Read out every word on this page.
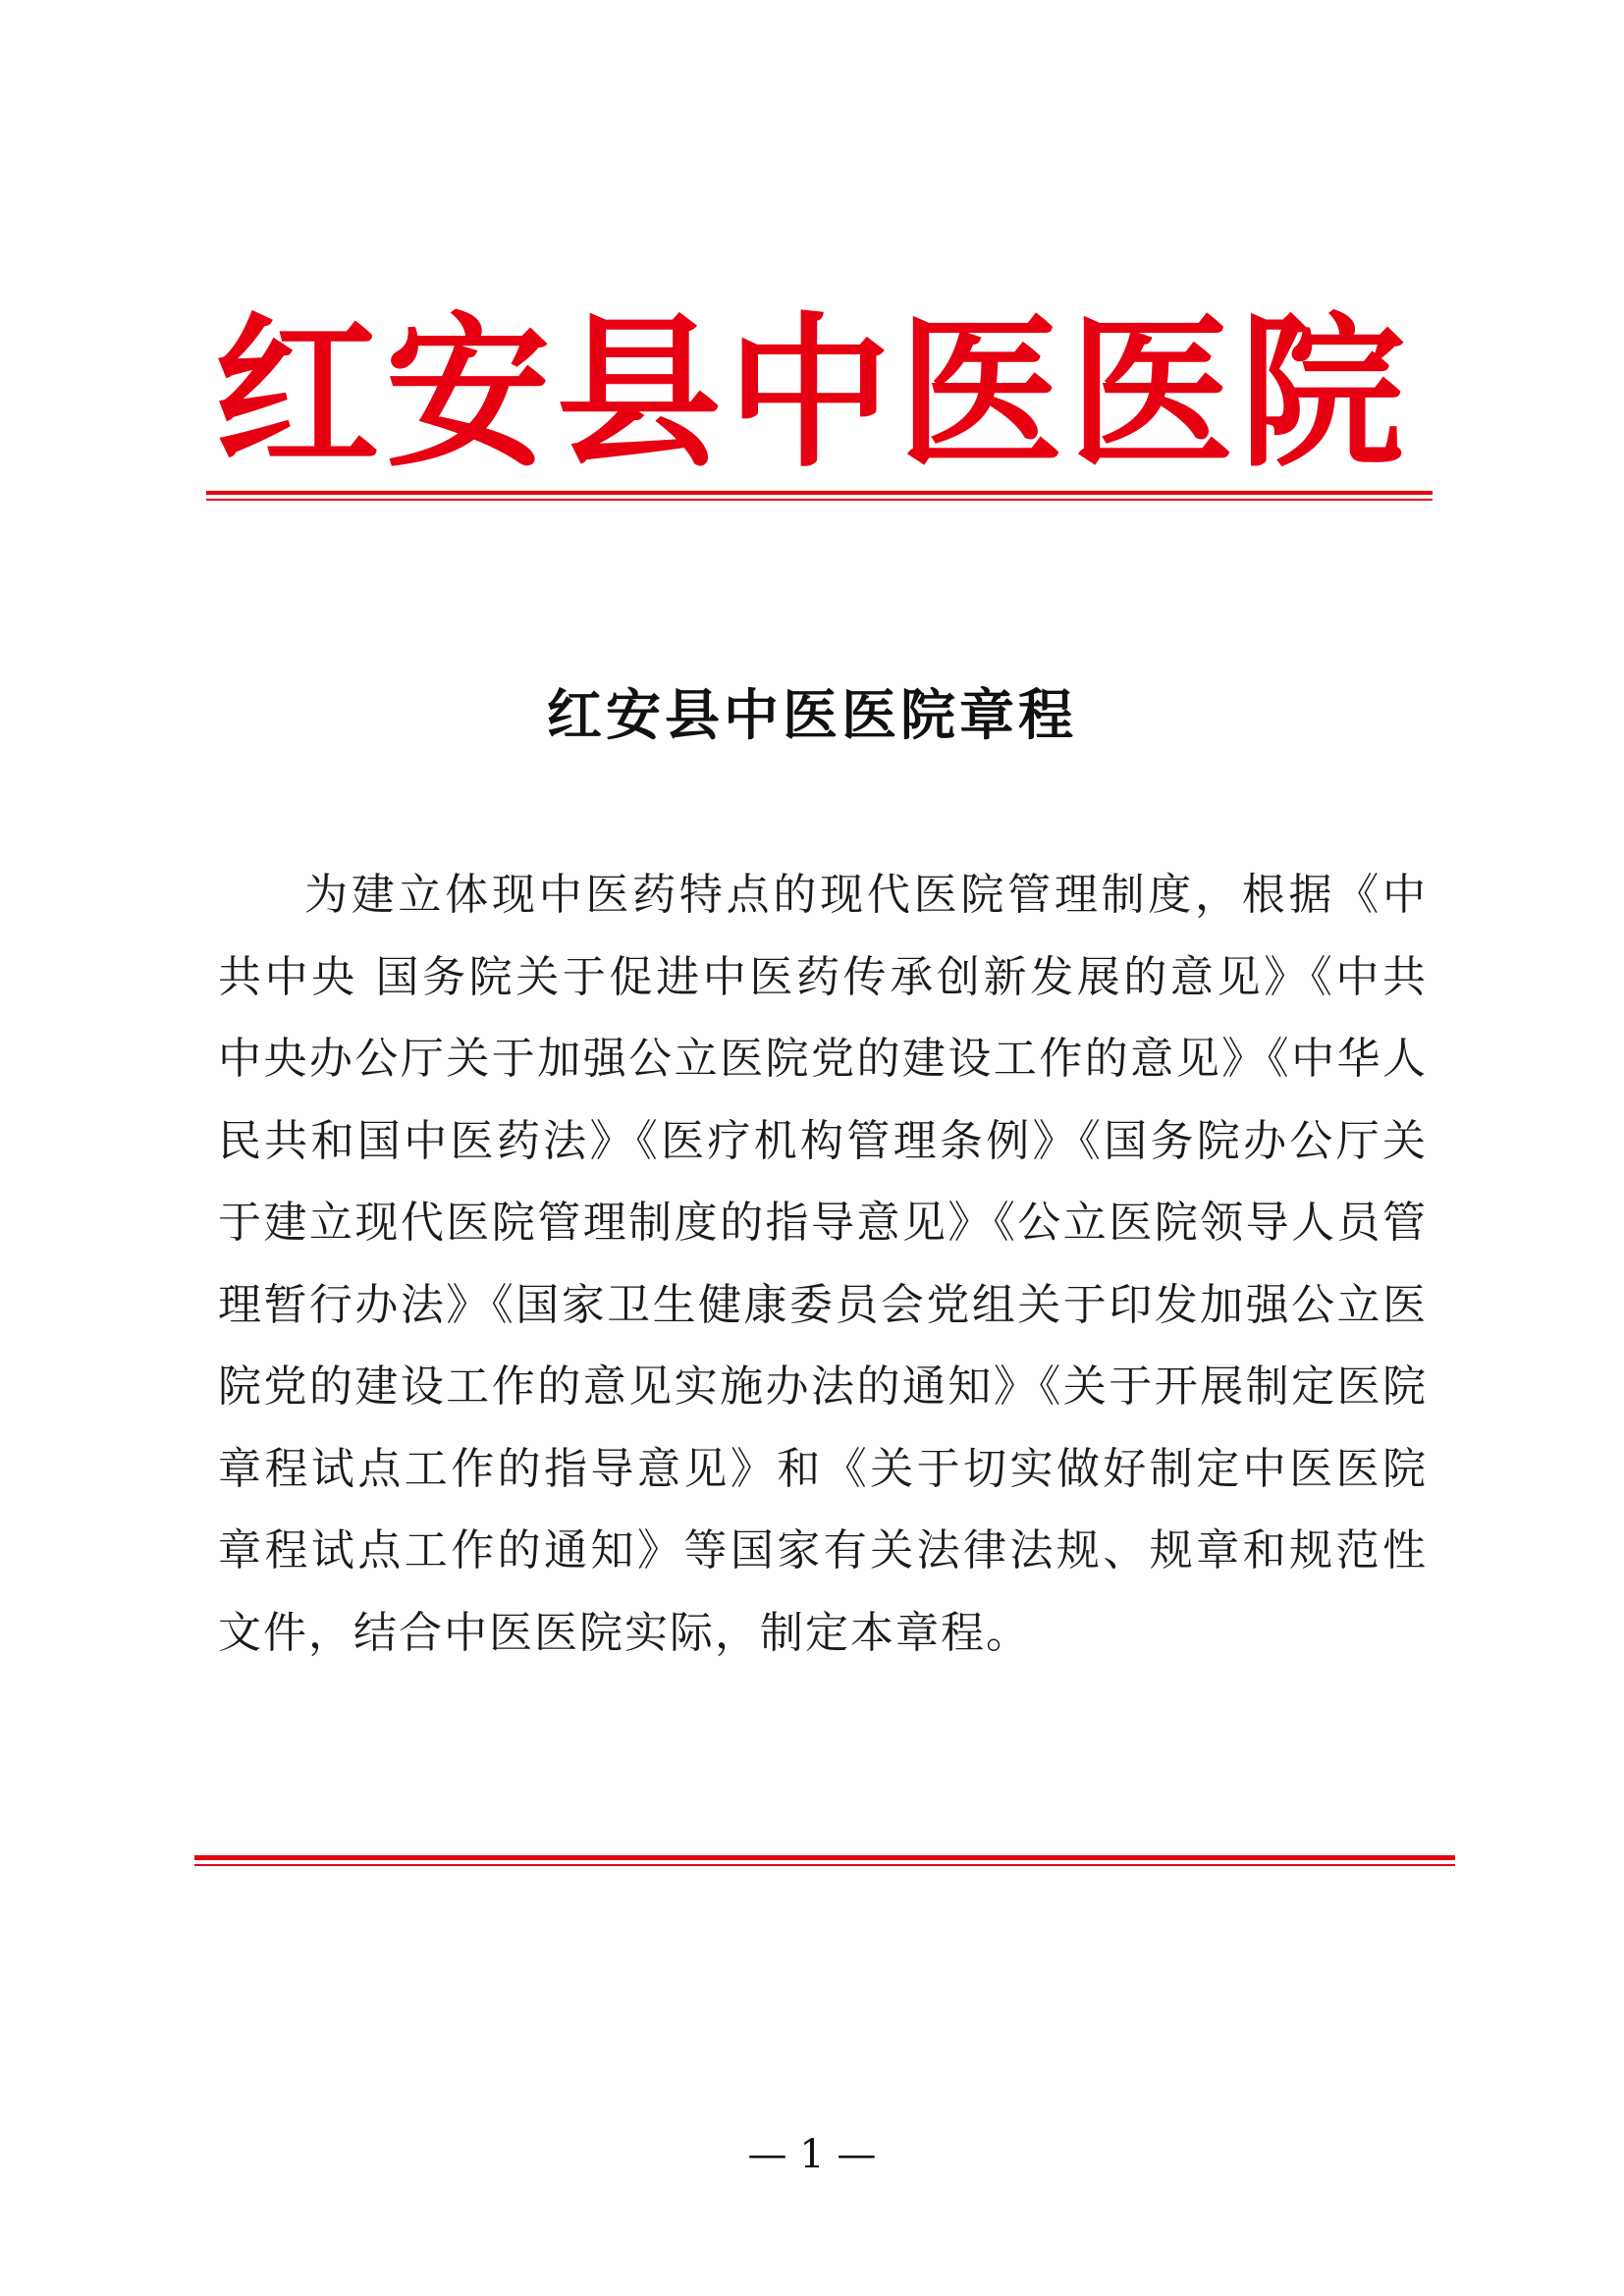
红安县中医医院
红安县中医医院章程

为建立体现中医药特点的现代医院管理制度，根据《中共中央 国务院关于促进中医药传承创新发展的意见》《中共中央办公厅关于加强公立医院党的建设工作的意见》《中华人民共和国中医药法》《医疗机构管理条例》《国务院办公厅关于建立现代医院管理制度的指导意见》《公立医院领导人员管理暂行办法》《国家卫生健康委员会党组关于印发加强公立医院党的建设工作的意见实施办法的通知》《关于开展制定医院章程试点工作的指导意见》和《关于切实做好制定中医医院章程试点工作的通知》等国家有关法律法规、规章和规范性文件，结合中医医院实际，制定本章程。

— 1 —
